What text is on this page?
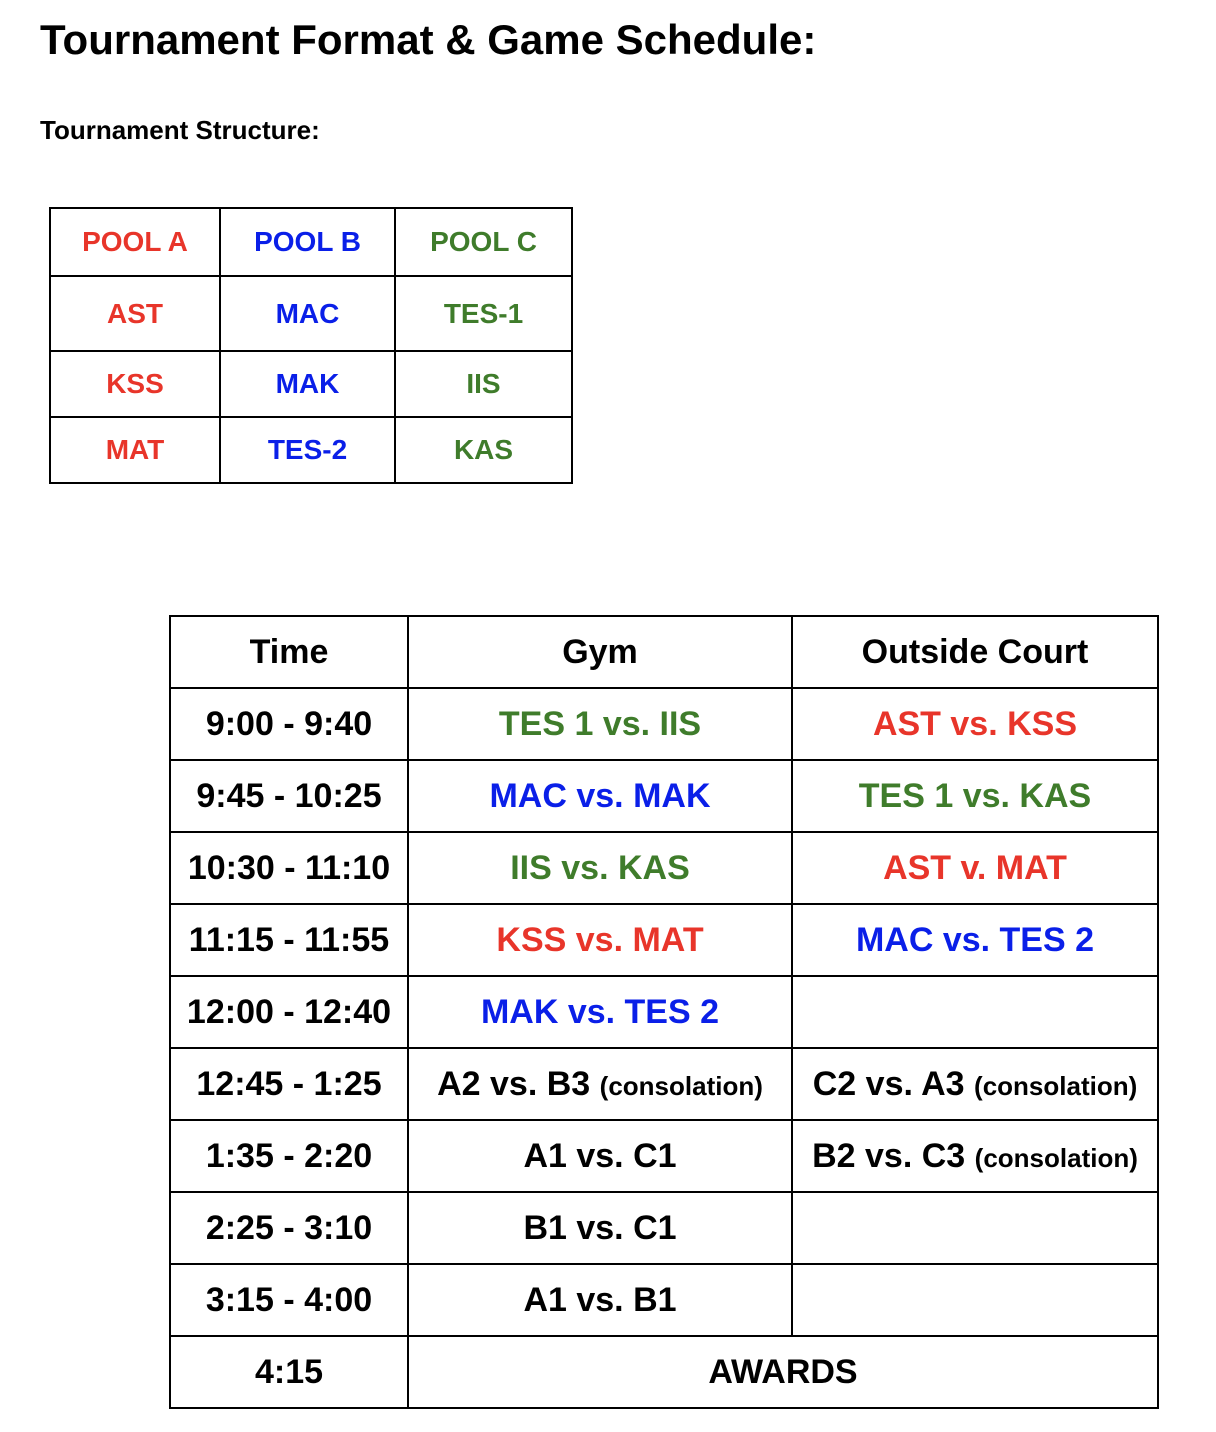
Tournament Format & Game Schedule:
Tournament Structure:
POOL A	POOL B	POOL C
AST	MAC	TES-1
KSS	MAK	IIS
MAT	TES-2	KAS
Time	Gym	Outside Court
9:00 - 9:40	TES 1 vs. IIS	AST vs. KSS
9:45 - 10:25	MAC vs. MAK	TES 1 vs. KAS
10:30 - 11:10	IIS vs. KAS	AST v. MAT
11:15 - 11:55	KSS vs. MAT	MAC vs. TES 2
12:00 - 12:40	MAK vs. TES 2	
12:45 - 1:25	A2 vs. B3 (consolation)	C2 vs. A3 (consolation)
1:35 - 2:20	A1 vs. C1	B2 vs. C3 (consolation)
2:25 - 3:10	B1 vs. C1	
3:15 - 4:00	A1 vs. B1	
4:15	AWARDS	
